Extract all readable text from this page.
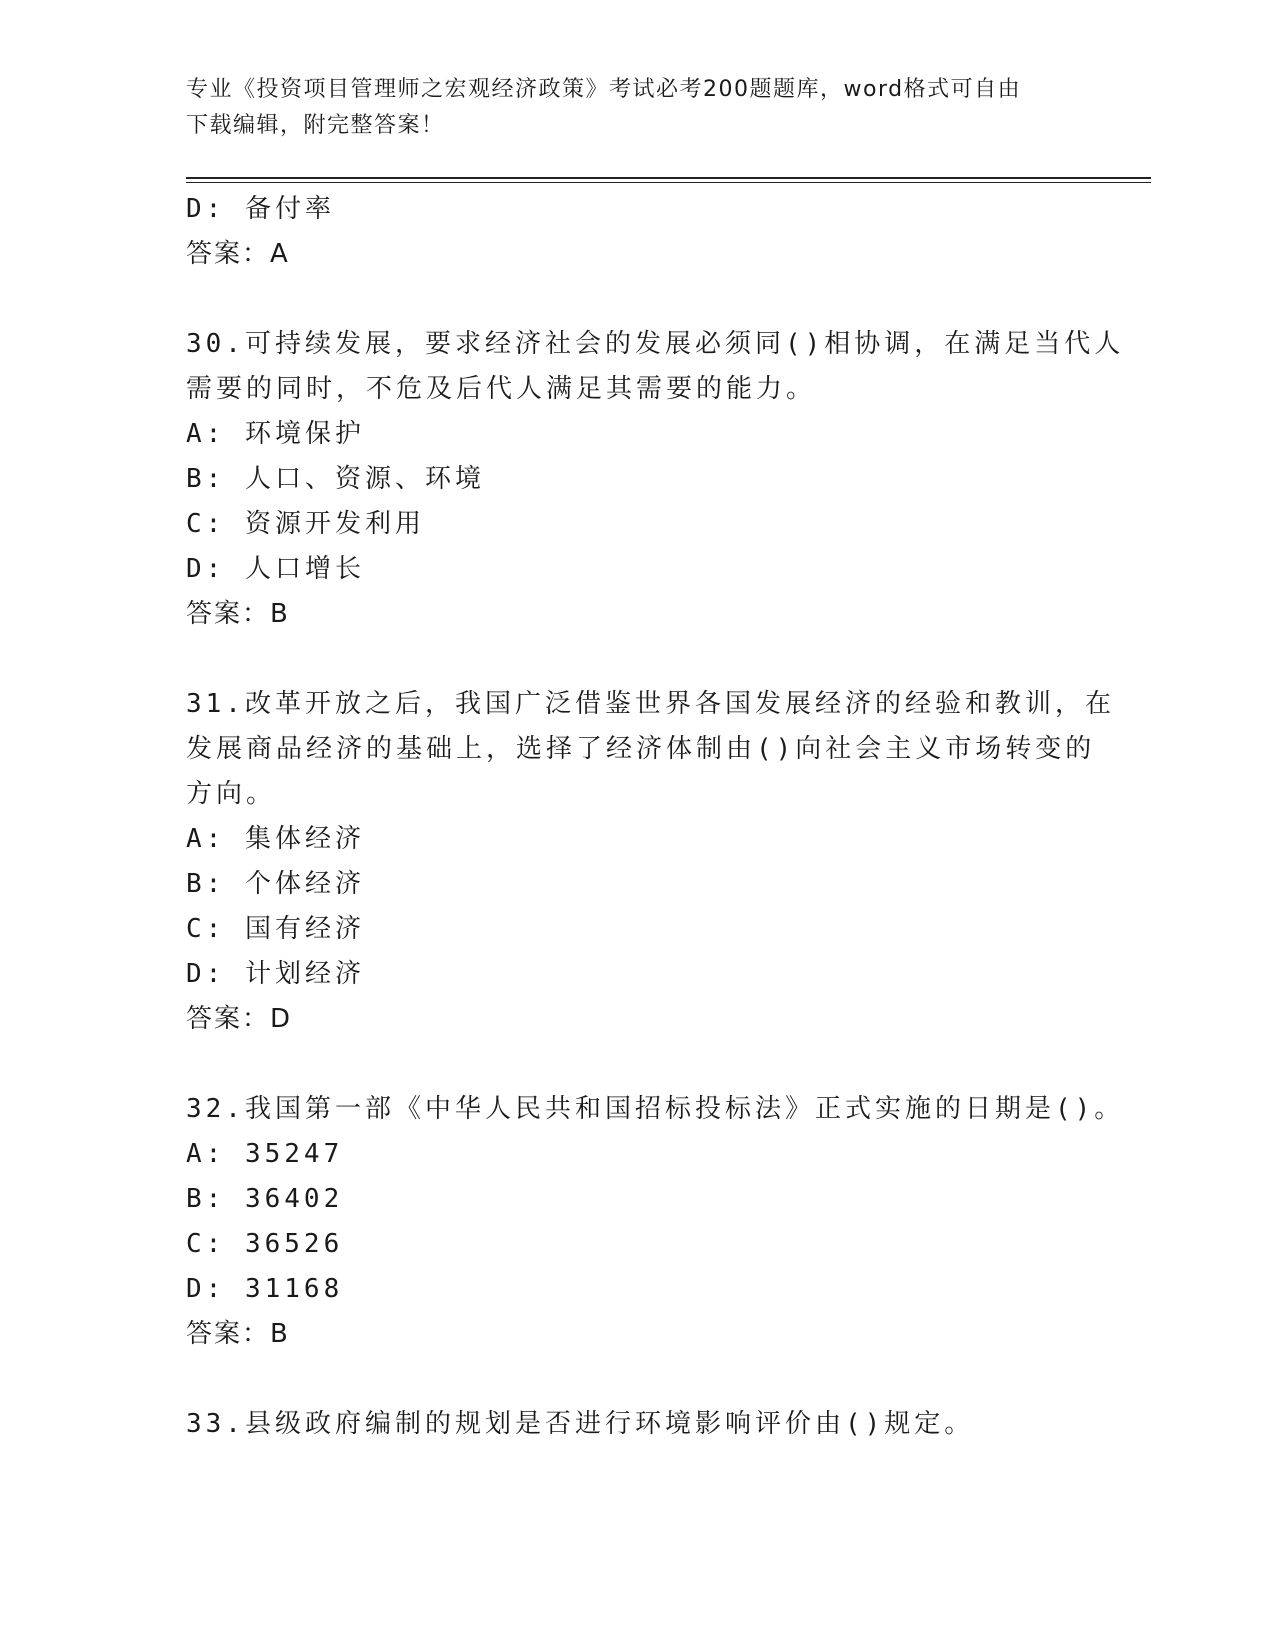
专业《投资项目管理师之宏观经济政策》考试必考200题题库，word格式可自由
下载编辑，附完整答案！
D: 备付率
答案：A
30.可持续发展，要求经济社会的发展必须同()相协调，在满足当代人
需要的同时，不危及后代人满足其需要的能力。
A: 环境保护
B: 人口、资源、环境
C: 资源开发利用
D: 人口增长
答案：B
31.改革开放之后，我国广泛借鉴世界各国发展经济的经验和教训，在
发展商品经济的基础上，选择了经济体制由()向社会主义市场转变的
方向。
A: 集体经济
B: 个体经济
C: 国有经济
D: 计划经济
答案：D
32.我国第一部《中华人民共和国招标投标法》正式实施的日期是()。
A: 35247
B: 36402
C: 36526
D: 31168
答案：B
33.县级政府编制的规划是否进行环境影响评价由()规定。
